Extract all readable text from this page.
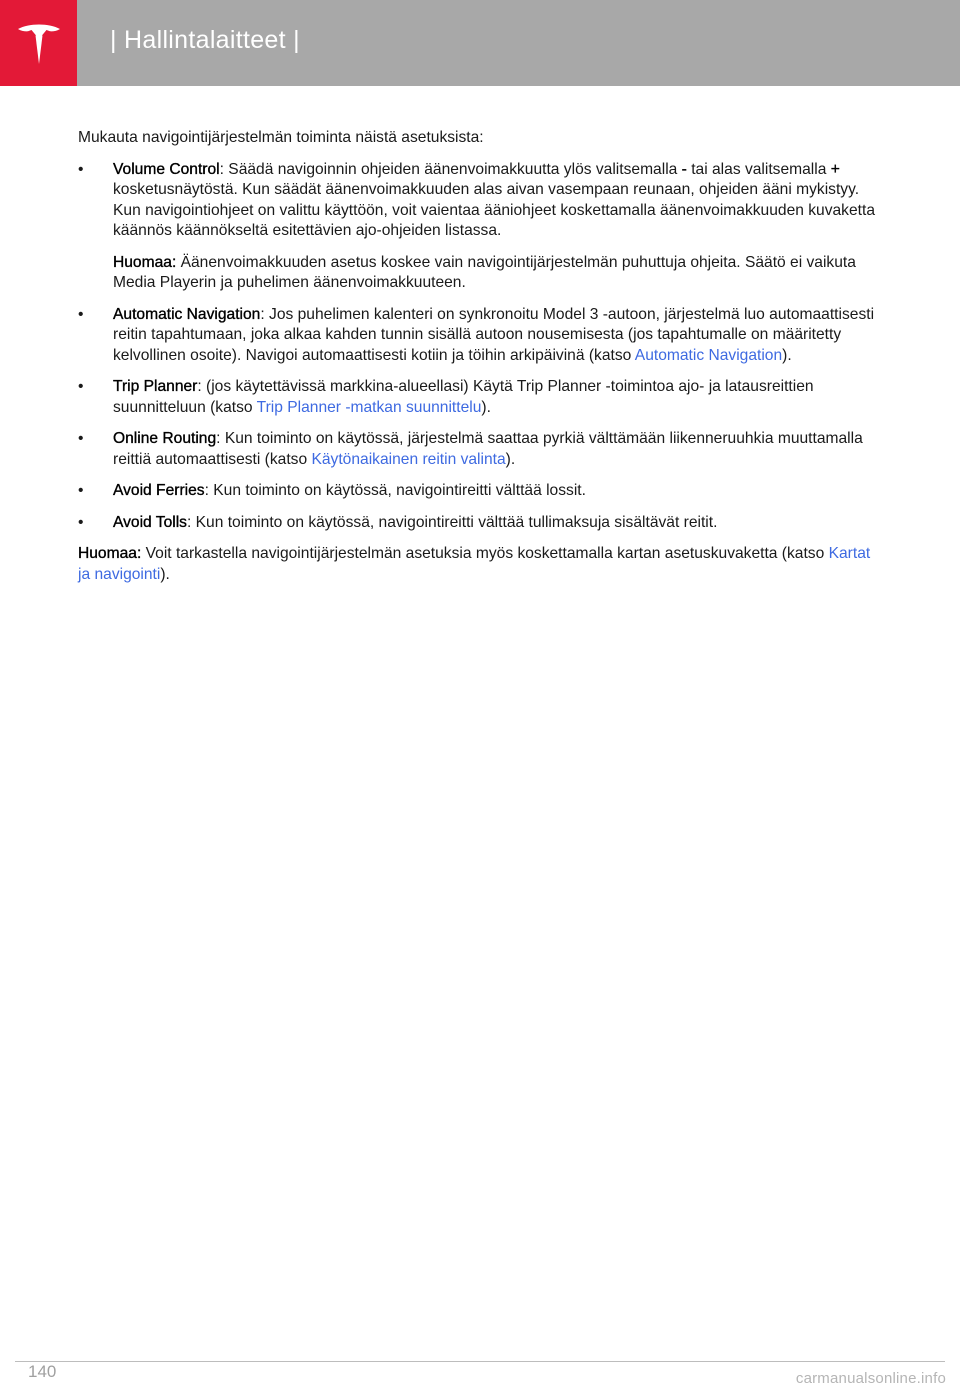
| Hallintalaitteet |

Mukauta navigointijärjestelmän toiminta näistä asetuksista:

• Volume Control: Säädä navigoinnin ohjeiden äänenvoimakkuutta ylös valitsemalla - tai alas valitsemalla + kosketusnäytöstä. Kun säädät äänenvoimakkuuden alas aivan vasempaan reunaan, ohjeiden ääni mykistyy. Kun navigointiohjeet on valittu käyttöön, voit vaientaa ääniohjeet koskettamalla äänenvoimakkuuden kuvaketta käännös käännökseltä esitettävien ajo-ohjeiden listassa.

Huomaa: Äänenvoimakkuuden asetus koskee vain navigointijärjestelmän puhuttuja ohjeita. Säätö ei vaikuta Media Playerin ja puhelimen äänenvoimakkuuteen.

• Automatic Navigation: Jos puhelimen kalenteri on synkronoitu Model 3 -autoon, järjestelmä luo automaattisesti reitin tapahtumaan, joka alkaa kahden tunnin sisällä autoon nousemisesta (jos tapahtumalle on määritetty kelvollinen osoite). Navigoi automaattisesti kotiin ja töihin arkipäivinä (katso Automatic Navigation).

• Trip Planner: (jos käytettävissä markkina-alueellasi) Käytä Trip Planner -toimintoa ajo- ja latausreittien suunnitteluun (katso Trip Planner -matkan suunnittelu).

• Online Routing: Kun toiminto on käytössä, järjestelmä saattaa pyrkiä välttämään liikenneruuhkia muuttamalla reittiä automaattisesti (katso Käytönaikainen reitin valinta).

• Avoid Ferries: Kun toiminto on käytössä, navigointireitti välttää lossit.

• Avoid Tolls: Kun toiminto on käytössä, navigointireitti välttää tullimaksuja sisältävät reitit.

Huomaa: Voit tarkastella navigointijärjestelmän asetuksia myös koskettamalla kartan asetuskuvaketta (katso Kartat ja navigointi).

140	carmanualsonline.info
